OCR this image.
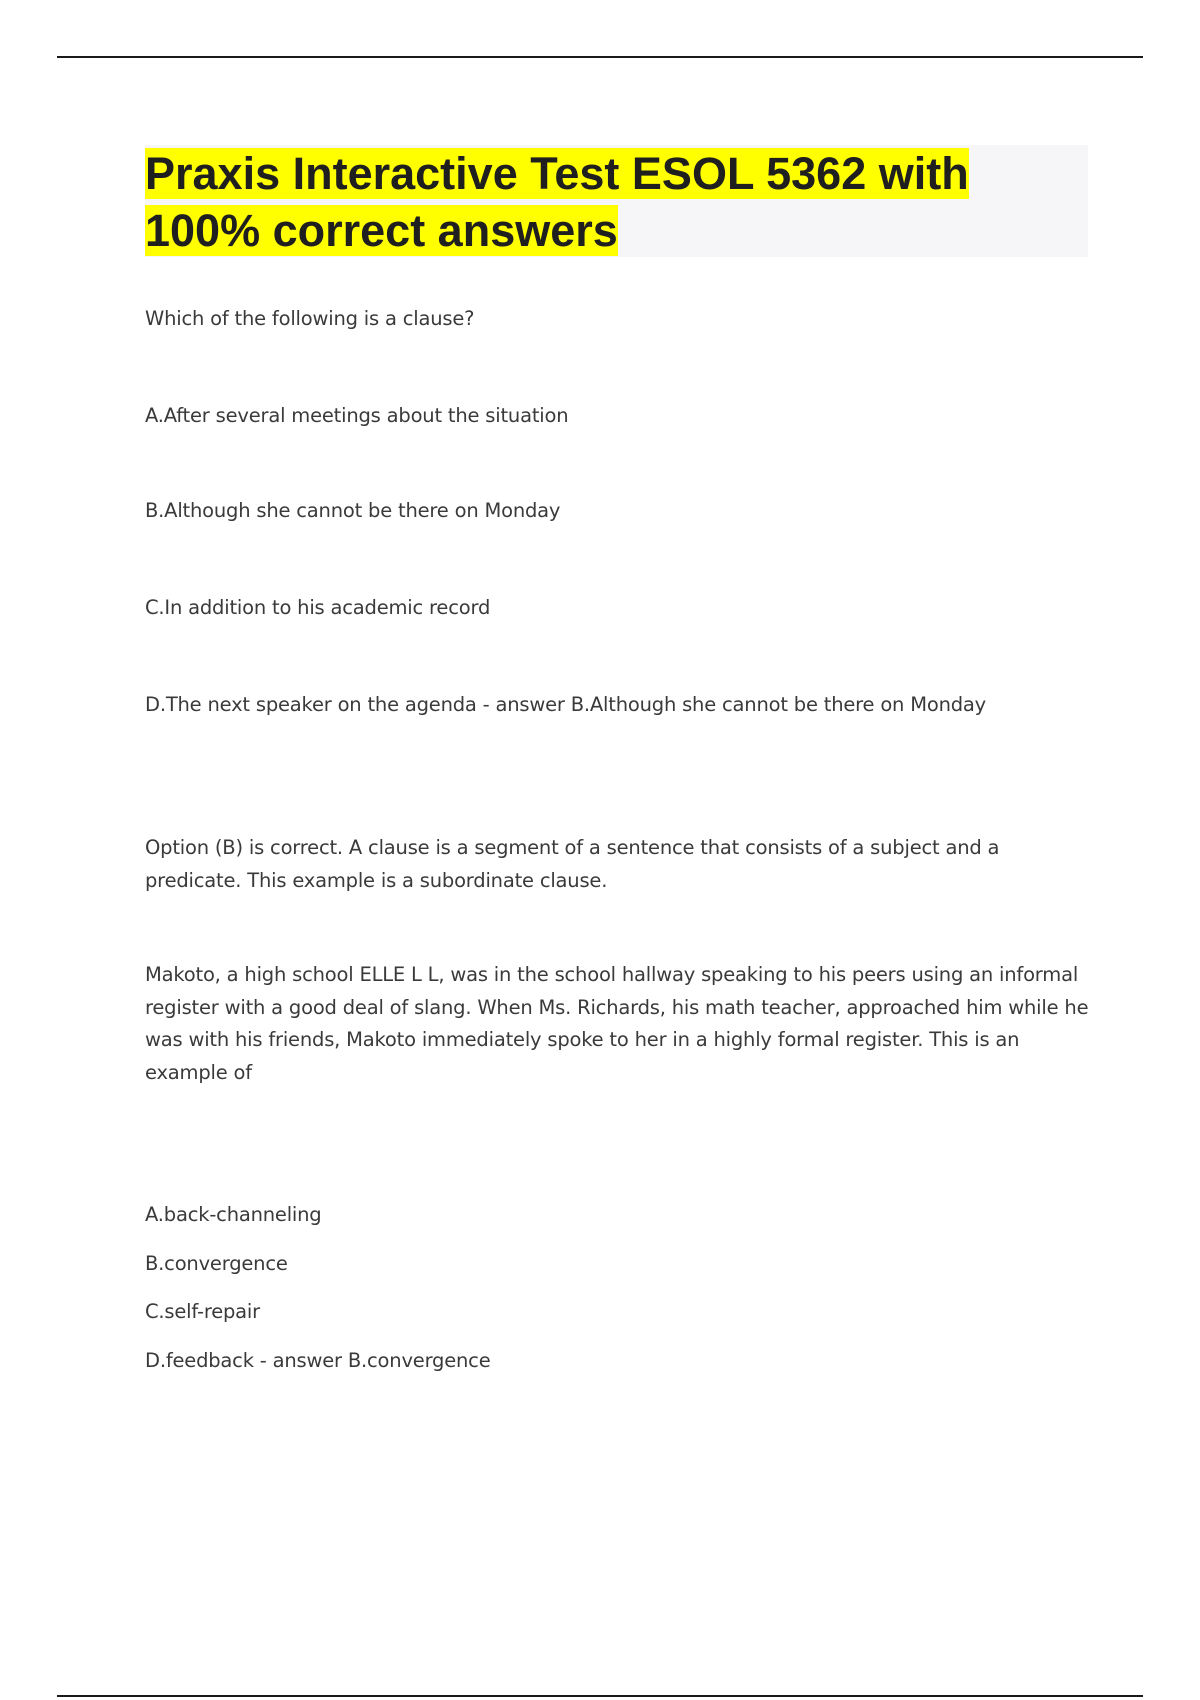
Praxis Interactive Test ESOL 5362 with 100% correct answers

Which of the following is a clause?

A.After several meetings about the situation

B.Although she cannot be there on Monday

C.In addition to his academic record

D.The next speaker on the agenda - answer B.Although she cannot be there on Monday

Option (B) is correct. A clause is a segment of a sentence that consists of a subject and a predicate. This example is a subordinate clause.

Makoto, a high school ELLE L L, was in the school hallway speaking to his peers using an informal register with a good deal of slang. When Ms. Richards, his math teacher, approached him while he was with his friends, Makoto immediately spoke to her in a highly formal register. This is an example of

A.back-channeling

B.convergence

C.self-repair

D.feedback - answer B.convergence
